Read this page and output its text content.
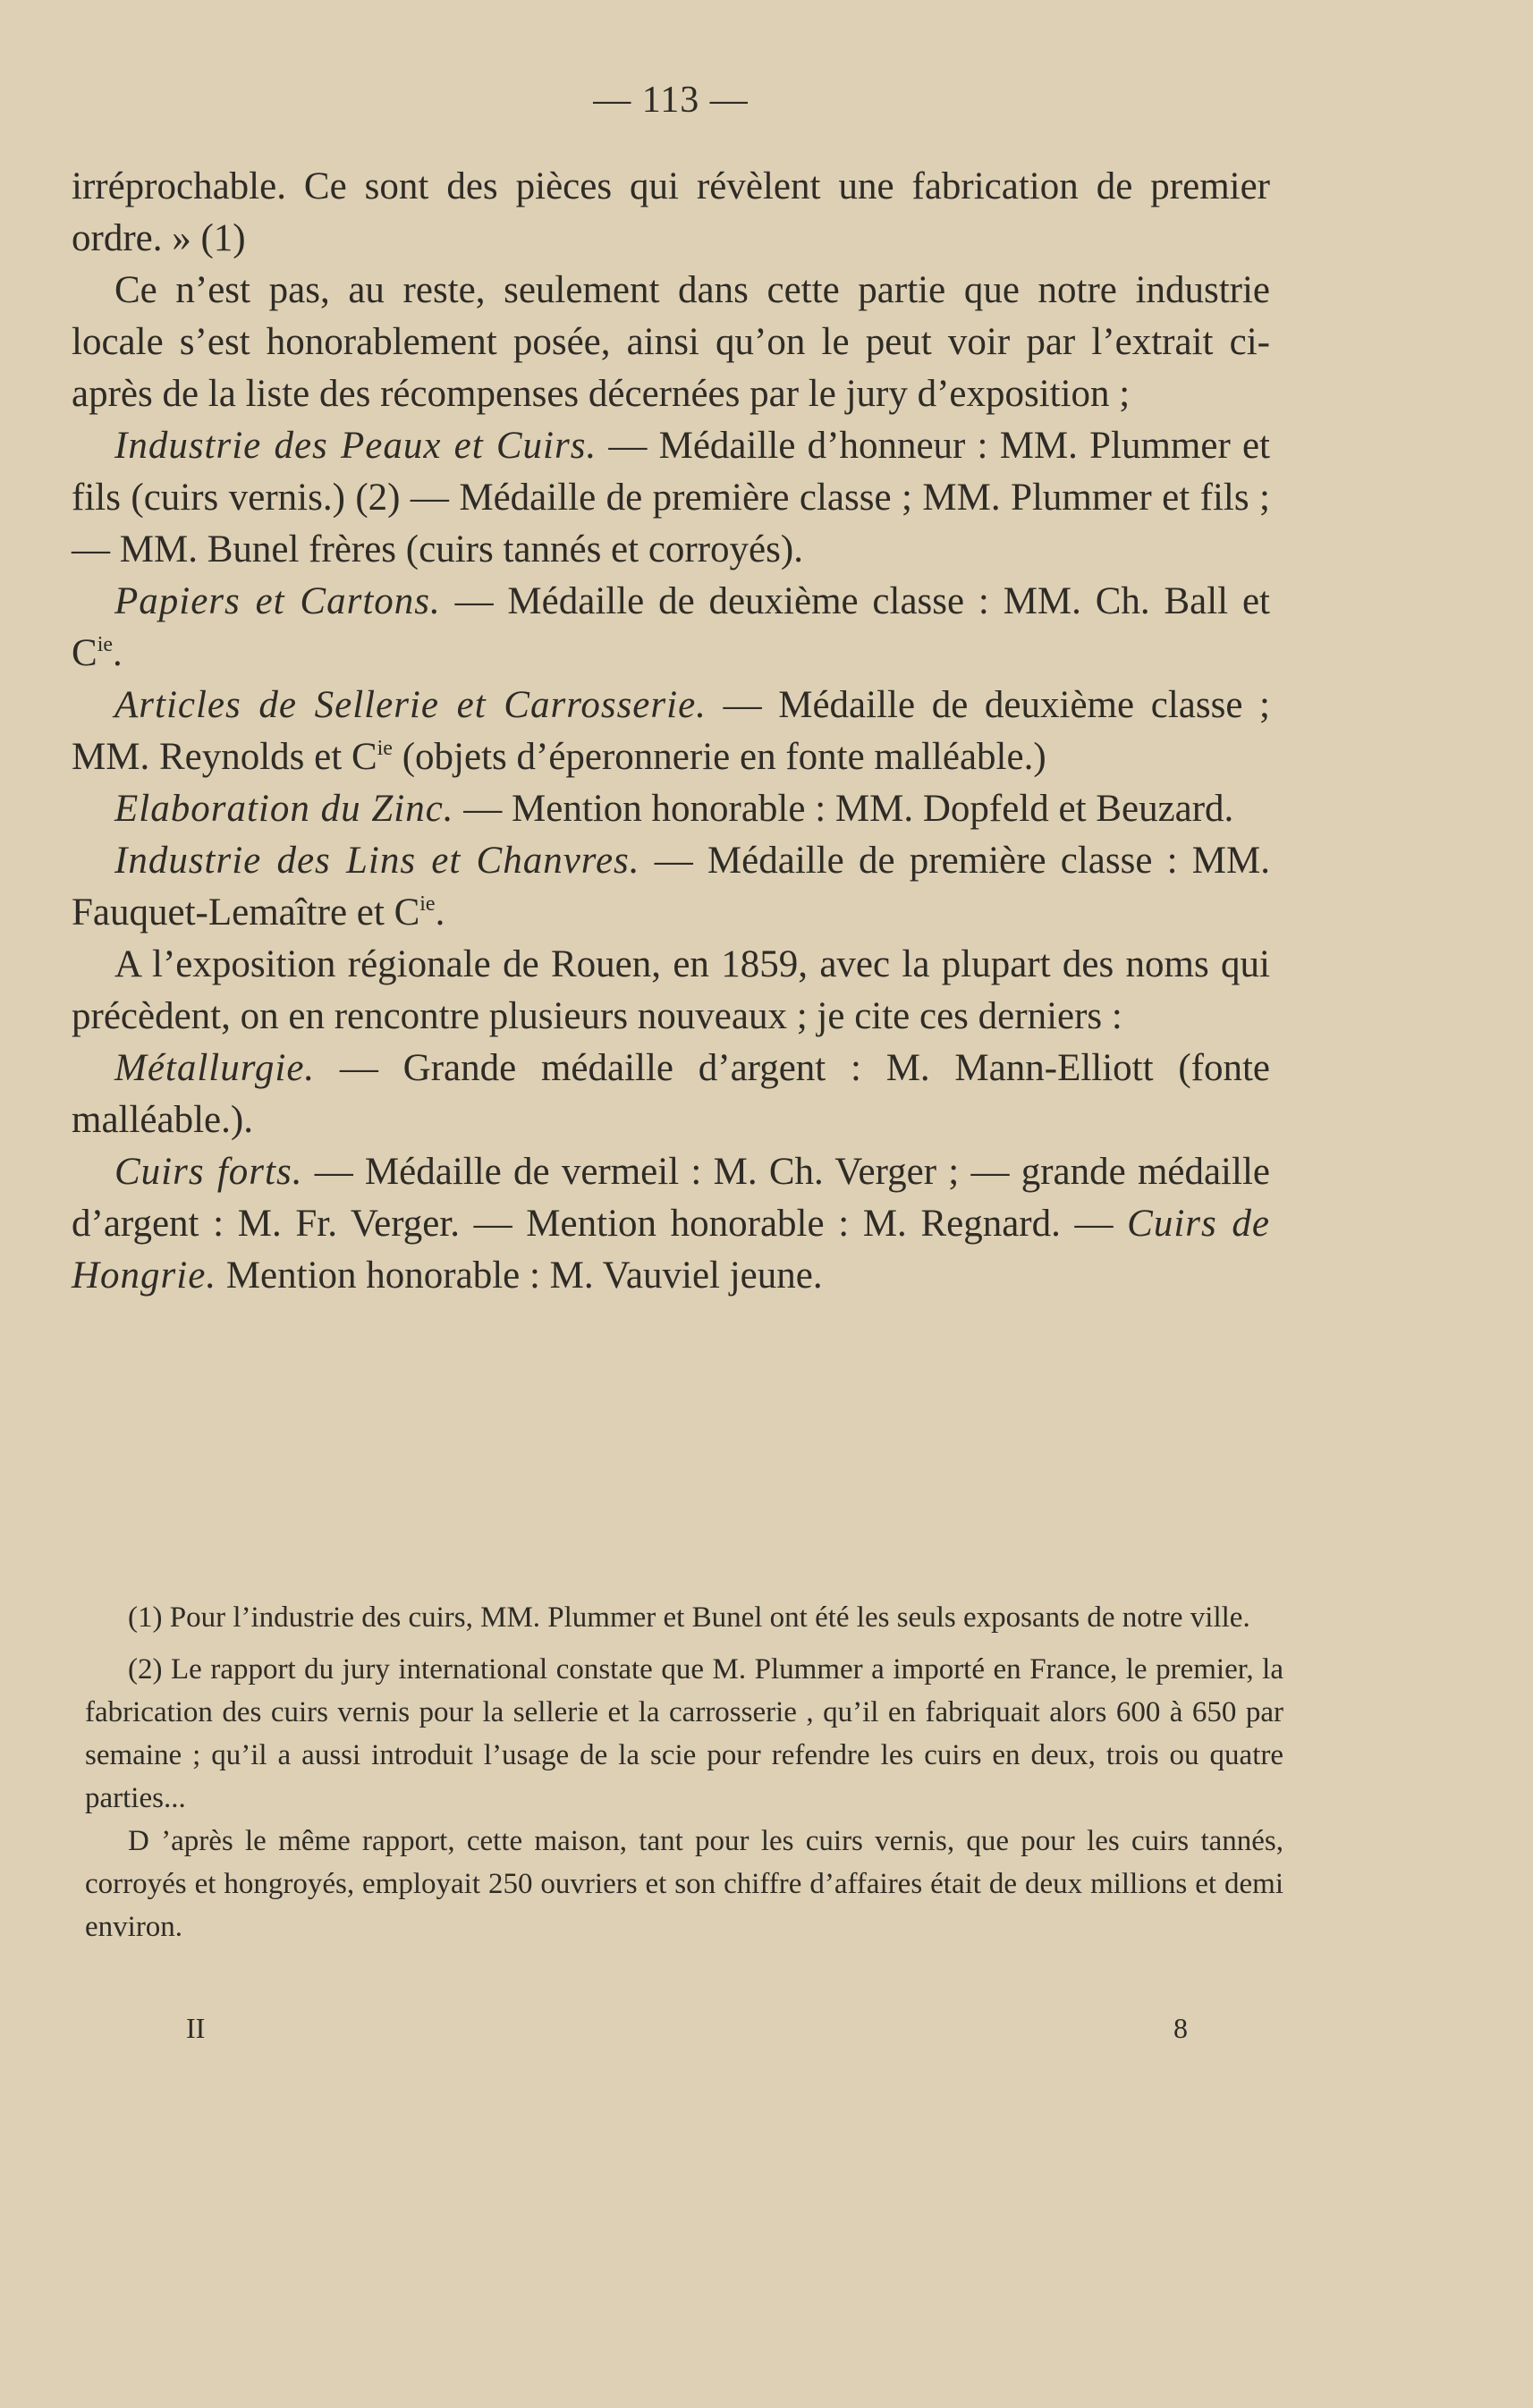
— 113 —

irréprochable. Ce sont des pièces qui révèlent une fabrication de premier ordre. » (1)

Ce n’est pas, au reste, seulement dans cette partie que notre industrie locale s’est honorablement posée, ainsi qu’on le peut voir par l’extrait ci-après de la liste des récompenses décernées par le jury d’exposition ;

Industrie des Peaux et Cuirs. — Médaille d’honneur : MM. Plummer et fils (cuirs vernis.) (2) — Médaille de première classe ; MM. Plummer et fils ; — MM. Bunel frères (cuirs tannés et corroyés).

Papiers et Cartons. — Médaille de deuxième classe : MM. Ch. Ball et $C^{ie}$.

Articles de Sellerie et Carrosserie. — Médaille de deuxième classe ; MM. Reynolds et $C^{ie}$ (objets d’éperonnerie en fonte malléable.)

Elaboration du Zinc. — Mention honorable : MM. Dopfeld et Beuzard.

Industrie des Lins et Chanvres. — Médaille de première classe : MM. Fauquet-Lemaître et $C^{ie}$.

A l’exposition régionale de Rouen, en 1859, avec la plupart des noms qui précèdent, on en rencontre plusieurs nouveaux ; je cite ces derniers :

Métallurgie. — Grande médaille d’argent : M. Mann-Elliott (fonte malléable.).

Cuirs forts. — Médaille de vermeil : M. Ch. Verger ; — grande médaille d’argent : M. Fr. Verger. — Mention honorable : M. Regnard. — Cuirs de Hongrie. Mention honorable : M. Vauviel jeune.

(1) Pour l’industrie des cuirs, MM. Plummer et Bunel ont été les seuls exposants de notre ville.

(2) Le rapport du jury international constate que M. Plummer a importé en France, le premier, la fabrication des cuirs vernis pour la sellerie et la carrosserie , qu’il en fabriquait alors 600 à 650 par semaine ; qu’il a aussi introduit l’usage de la scie pour refendre les cuirs en deux, trois ou quatre parties...

D ’après le même rapport, cette maison, tant pour les cuirs vernis, que pour les cuirs tannés, corroyés et hongroyés, employait 250 ouvriers et son chiffre d’affaires était de deux millions et demi environ.

II	8
